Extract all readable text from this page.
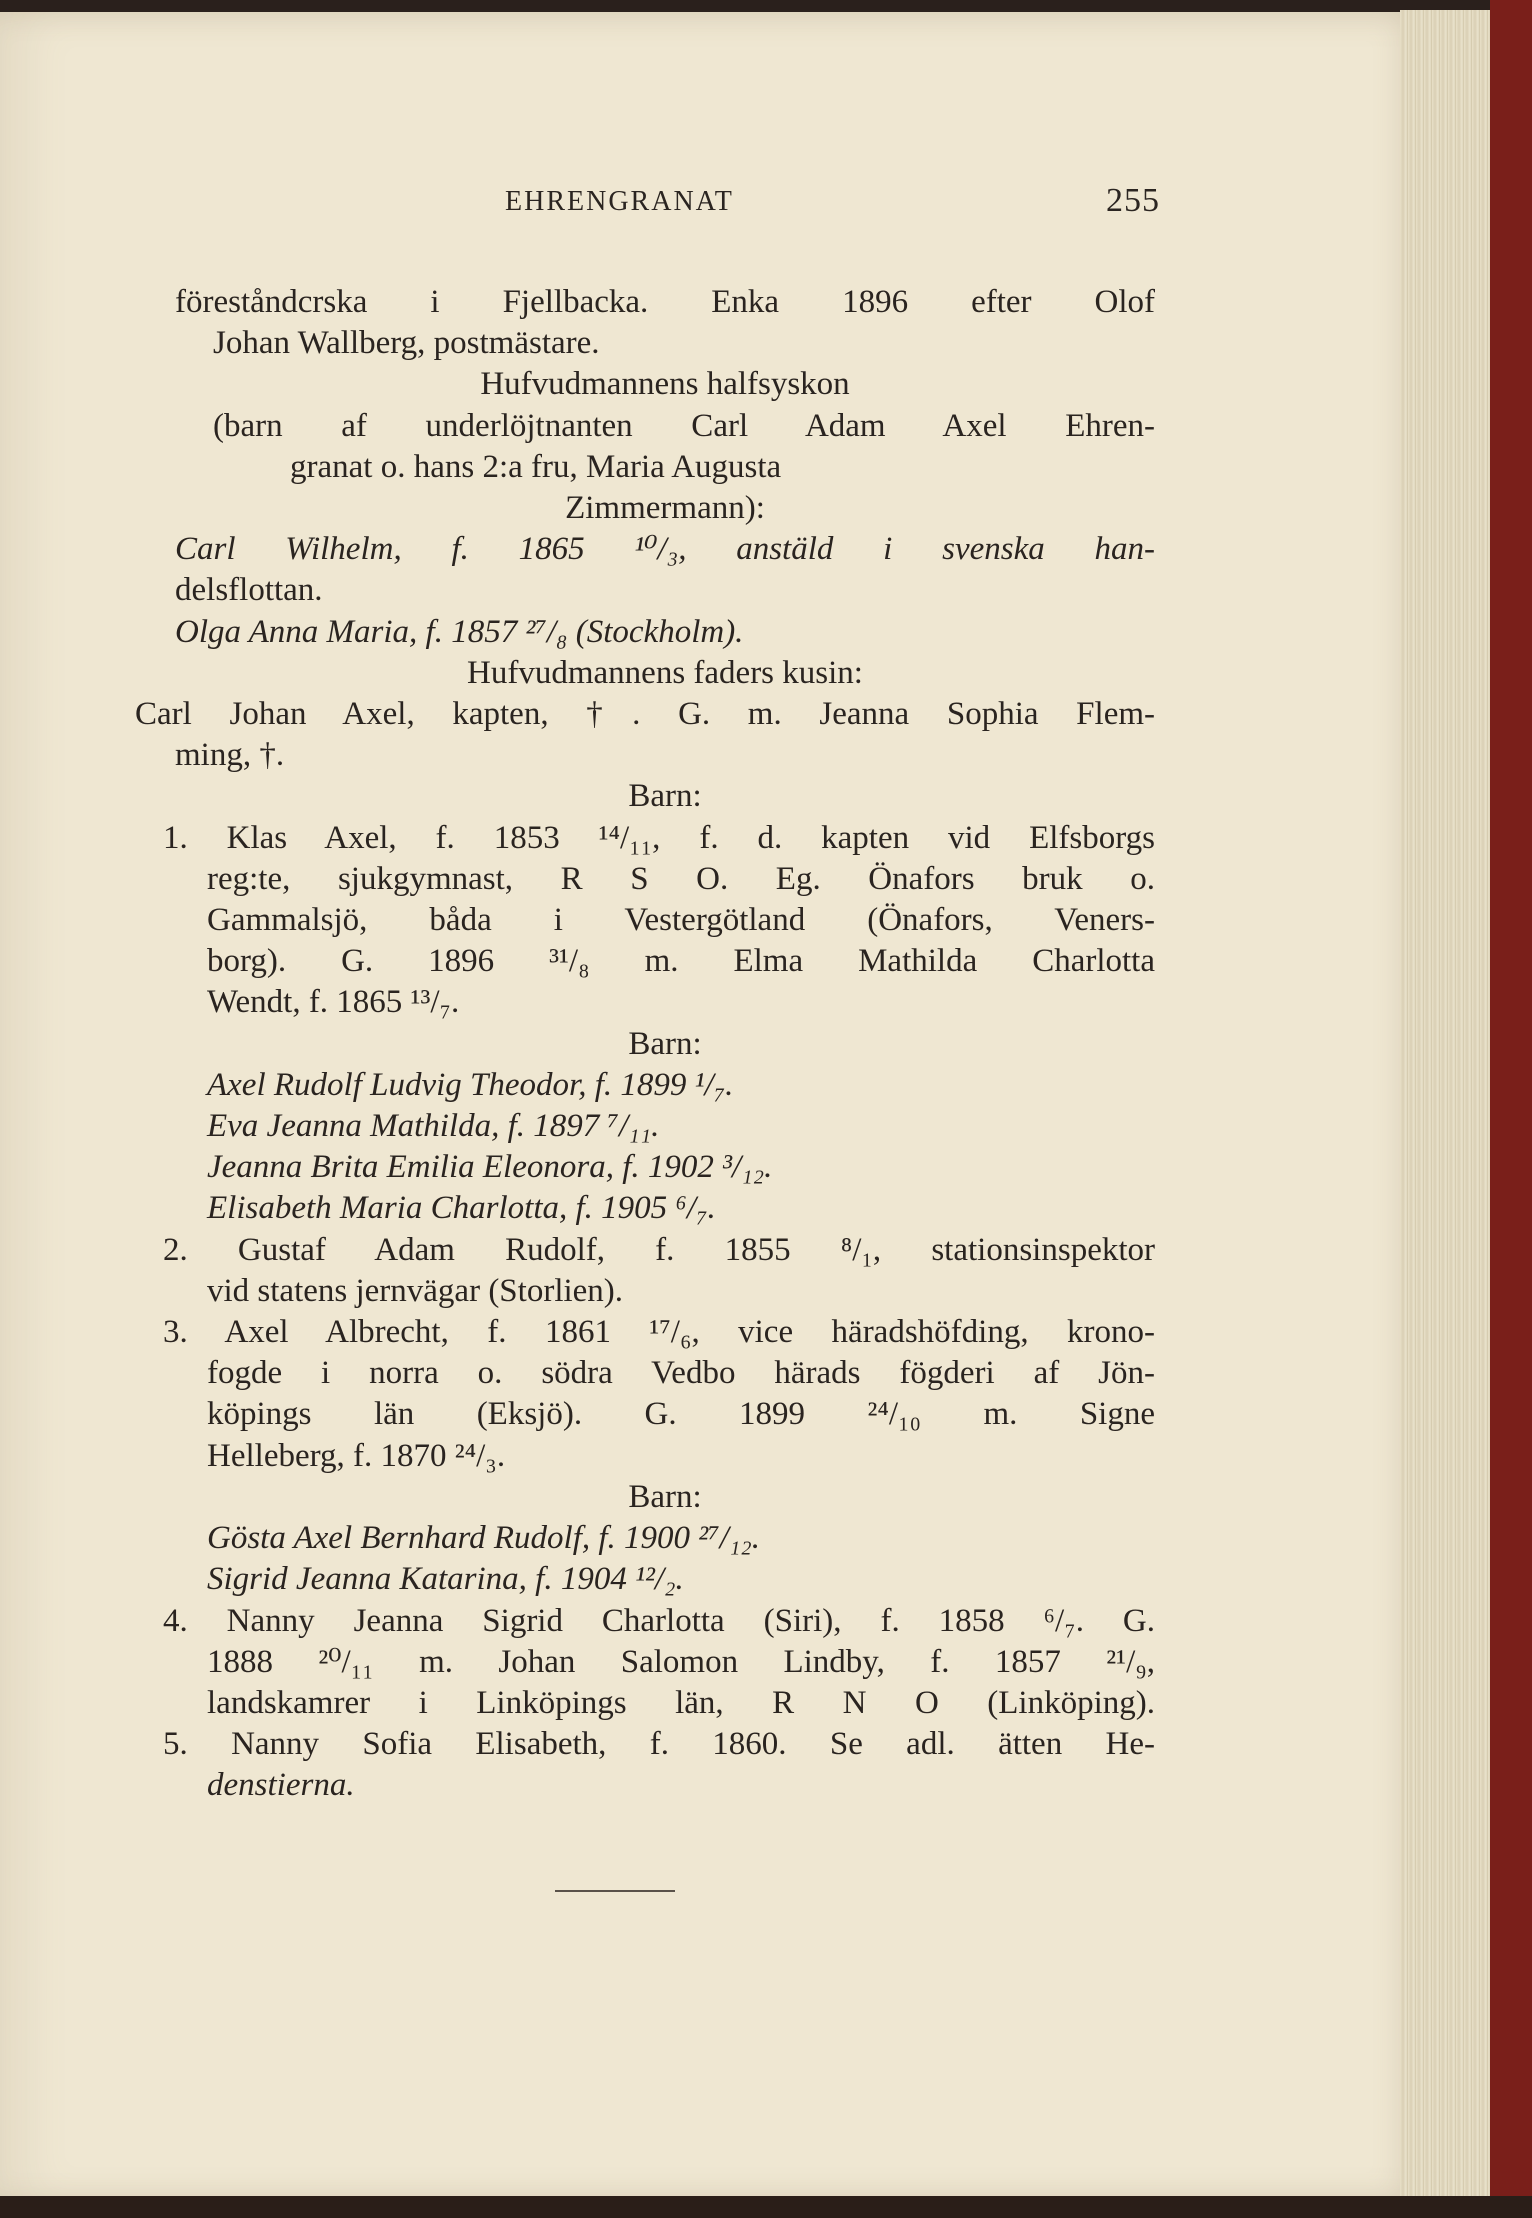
EHRENGRANAT	255
föreståndcrska i Fjellbacka. Enka 1896 efter Olof
Johan Wallberg, postmästare.
Hufvudmannens halfsyskon
(barn af underlöjtnanten Carl Adam Axel Ehren-
granat o. hans 2:a fru, Maria Augusta
Zimmermann):
Carl Wilhelm, f. 1865 ¹⁰/₃, anstäld i svenska han-
delsflottan.
Olga Anna Maria, f. 1857 ²⁷/₈ (Stockholm).
Hufvudmannens faders kusin:
Carl Johan Axel, kapten, †. G. m. Jeanna Sophia Flem-
ming, †.
Barn:
1. Klas Axel, f. 1853 ¹⁴/₁₁, f. d. kapten vid Elfsborgs
reg:te, sjukgymnast, R S O. Eg. Önafors bruk o.
Gammalsjö, båda i Vestergötland (Önafors, Veners-
borg). G. 1896 ³¹/₈ m. Elma Mathilda Charlotta
Wendt, f. 1865 ¹³/₇.
Barn:
Axel Rudolf Ludvig Theodor, f. 1899 ¹/₇.
Eva Jeanna Mathilda, f. 1897 ⁷/₁₁.
Jeanna Brita Emilia Eleonora, f. 1902 ³/₁₂.
Elisabeth Maria Charlotta, f. 1905 ⁶/₇.
2. Gustaf Adam Rudolf, f. 1855 ⁸/₁, stationsinspektor
vid statens jernvägar (Storlien).
3. Axel Albrecht, f. 1861 ¹⁷/₆, vice häradshöfding, krono-
fogde i norra o. södra Vedbo härads fögderi af Jön-
köpings län (Eksjö). G. 1899 ²⁴/₁₀ m. Signe
Helleberg, f. 1870 ²⁴/₃.
Barn:
Gösta Axel Bernhard Rudolf, f. 1900 ²⁷/₁₂.
Sigrid Jeanna Katarina, f. 1904 ¹²/₂.
4. Nanny Jeanna Sigrid Charlotta (Siri), f. 1858 ⁶/₇. G.
1888 ²⁰/₁₁ m. Johan Salomon Lindby, f. 1857 ²¹/₉,
landskamrer i Linköpings län, R N O (Linköping).
5. Nanny Sofia Elisabeth, f. 1860. Se adl. ätten He-
denstierna.
